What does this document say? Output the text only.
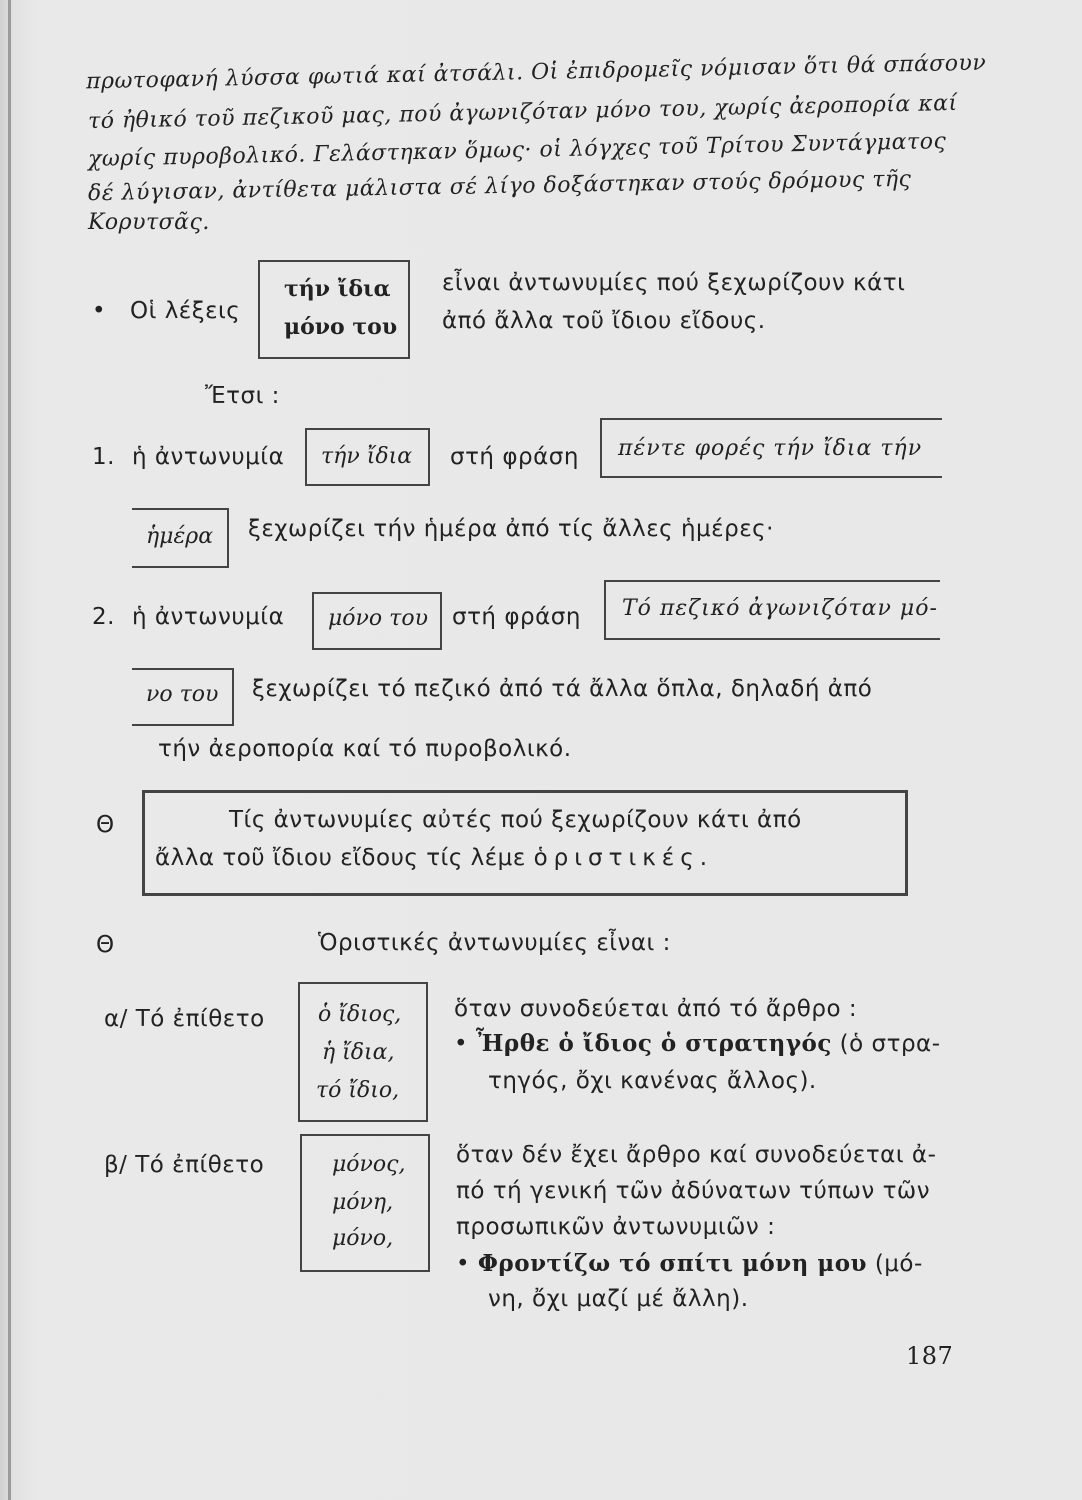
πρωτοφανή λύσσα φωτιά καί ἀτσάλι. Οἱ ἐπιδρομεῖς νόμισαν ὅτι θά σπάσουν
τό ἠθικό τοῦ πεζικοῦ μας, πού ἀγωνιζόταν μόνο του, χωρίς ἀεροπορία καί
χωρίς πυροβολικό. Γελάστηκαν ὅμως· οἱ λόγχες τοῦ Τρίτου Συντάγματος
δέ λύγισαν, ἀντίθετα μάλιστα σέ λίγο δοξάστηκαν στούς δρόμους τῆς
Κορυτσᾶς.
• Οἱ λέξεις
τήν ἴδια
μόνο του
εἶναι ἀντωνυμίες πού ξεχωρίζουν κάτι
ἀπό ἄλλα τοῦ ἴδιου εἴδους.
Ἔτσι :
1. ἡ ἀντωνυμία τήν ἴδια στή φράση πέντε φορές τήν ἴδια τήν
ἡμέρα ξεχωρίζει τήν ἡμέρα ἀπό τίς ἄλλες ἡμέρες·
2. ἡ ἀντωνυμία μόνο του στή φράση Τό πεζικό ἀγωνιζόταν μό-
νο του ξεχωρίζει τό πεζικό ἀπό τά ἄλλα ὅπλα, δηλαδή ἀπό
τήν ἀεροπορία καί τό πυροβολικό.
Θ	Τίς ἀντωνυμίες αὐτές πού ξεχωρίζουν κάτι ἀπό
ἄλλα τοῦ ἴδιου εἴδους τίς λέμε ὁριστικές.
Θ	Ὁριστικές ἀντωνυμίες εἶναι :
α/ Τό ἐπίθετο ὁ ἴδιος,
ἡ ἴδια,
τό ἴδιο,
ὅταν συνοδεύεται ἀπό τό ἄρθρο :
• Ἦρθε ὁ ἴδιος ὁ στρατηγός (ὁ στρα-
τηγός, ὄχι κανένας ἄλλος).
β/ Τό ἐπίθετο	μόνος,
μόνη,
μόνο,
ὅταν δέν ἔχει ἄρθρο καί συνοδεύεται ἀ-
πό τή γενική τῶν ἀδύνατων τύπων τῶν
προσωπικῶν ἀντωνυμιῶν :
• Φροντίζω τό σπίτι μόνη μου (μό-
νη, ὄχι μαζί μέ ἄλλη).
187
